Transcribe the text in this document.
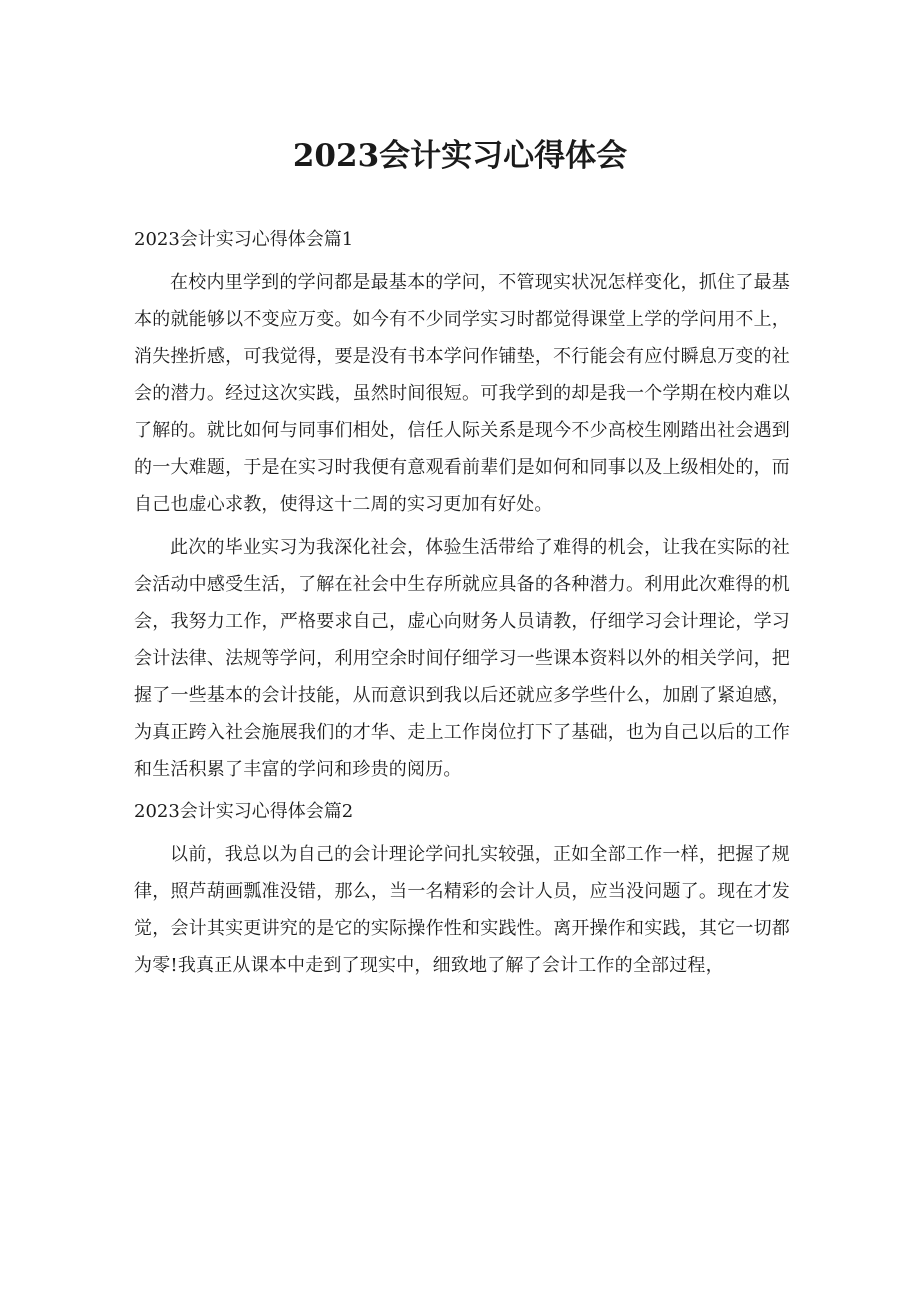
2023会计实习心得体会
2023会计实习心得体会篇1

在校内里学到的学问都是最基本的学问，不管现实状况怎样变化，抓住了最基本的就能够以不变应万变。如今有不少同学实习时都觉得课堂上学的学问用不上，消失挫折感，可我觉得，要是没有书本学问作铺垫，不行能会有应付瞬息万变的社会的潜力。经过这次实践，虽然时间很短。可我学到的却是我一个学期在校内难以了解的。就比如何与同事们相处，信任人际关系是现今不少高校生刚踏出社会遇到的一大难题，于是在实习时我便有意观看前辈们是如何和同事以及上级相处的，而自己也虚心求教，使得这十二周的实习更加有好处。

此次的毕业实习为我深化社会，体验生活带给了难得的机会，让我在实际的社会活动中感受生活，了解在社会中生存所就应具备的各种潜力。利用此次难得的机会，我努力工作，严格要求自己，虚心向财务人员请教，仔细学习会计理论，学习会计法律、法规等学问，利用空余时间仔细学习一些课本资料以外的相关学问，把握了一些基本的会计技能，从而意识到我以后还就应多学些什么，加剧了紧迫感，为真正跨入社会施展我们的才华、走上工作岗位打下了基础，也为自己以后的工作和生活积累了丰富的学问和珍贵的阅历。

2023会计实习心得体会篇2

以前，我总以为自己的会计理论学问扎实较强，正如全部工作一样，把握了规律，照芦葫画瓢准没错，那么，当一名精彩的会计人员，应当没问题了。现在才发觉，会计其实更讲究的是它的实际操作性和实践性。离开操作和实践，其它一切都为零!我真正从课本中走到了现实中，细致地了解了会计工作的全部过程，
